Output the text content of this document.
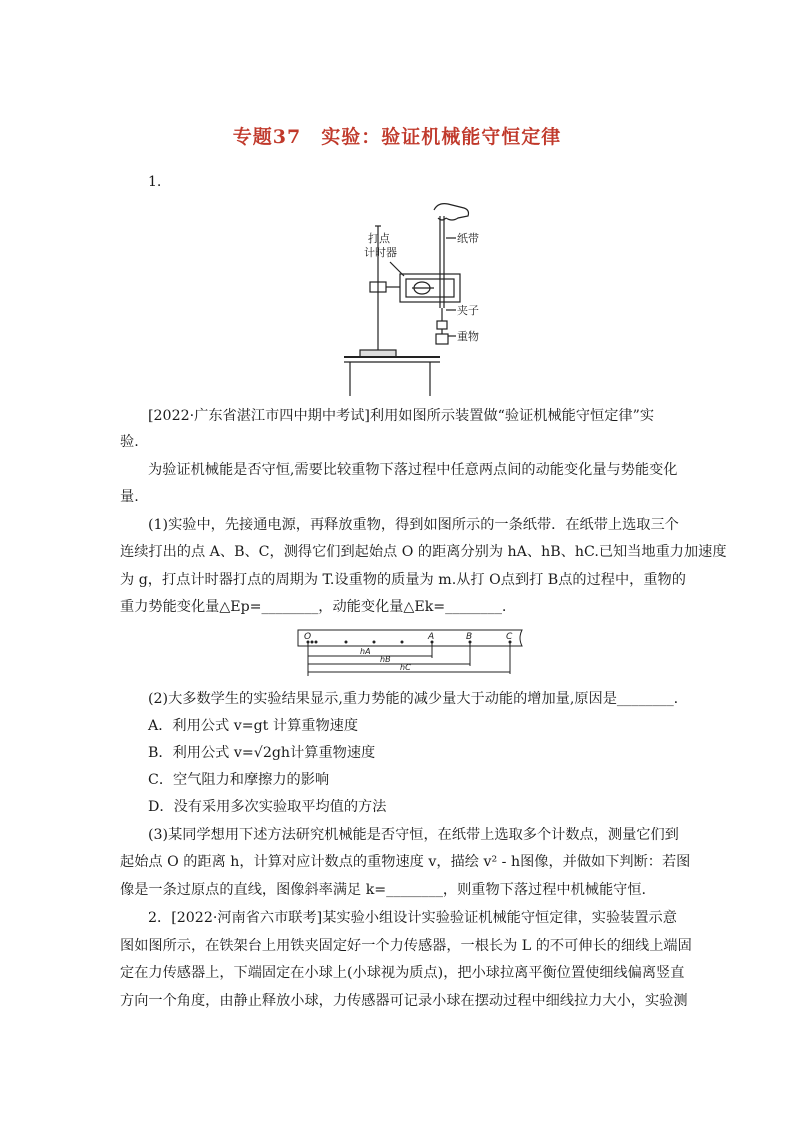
专题37　实验：验证机械能守恒定律
1.
打点
计时器
纸带
夹子
重物
[2022·广东省湛江市四中期中考试]利用如图所示装置做“验证机械能守恒定律”实
验.
为验证机械能是否守恒,需要比较重物下落过程中任意两点间的动能变化量与势能变化
量.
(1)实验中，先接通电源，再释放重物，得到如图所示的一条纸带．在纸带上选取三个
连续打出的点 A、B、C，测得它们到起始点 O 的距离分别为 hA、hB、hC.已知当地重力加速度
为 g，打点计时器打点的周期为 T.设重物的质量为 m.从打 O点到打 B点的过程中，重物的
重力势能变化量△Ep=________，动能变化量△Ek=________.
O	A	B	C
hA
hB
hC
(2)大多数学生的实验结果显示,重力势能的减少量大于动能的增加量,原因是________.
A．利用公式 v=gt 计算重物速度
B．利用公式 v=√2gh计算重物速度
C．空气阻力和摩擦力的影响
D．没有采用多次实验取平均值的方法
(3)某同学想用下述方法研究机械能是否守恒，在纸带上选取多个计数点，测量它们到
起始点 O 的距离 h，计算对应计数点的重物速度 v，描绘 v² - h图像，并做如下判断：若图
像是一条过原点的直线，图像斜率满足 k=________，则重物下落过程中机械能守恒.
2．[2022·河南省六市联考]某实验小组设计实验验证机械能守恒定律，实验装置示意
图如图所示，在铁架台上用铁夹固定好一个力传感器，一根长为 L 的不可伸长的细线上端固
定在力传感器上，下端固定在小球上(小球视为质点)，把小球拉离平衡位置使细线偏离竖直
方向一个角度，由静止释放小球，力传感器可记录小球在摆动过程中细线拉力大小，实验测
